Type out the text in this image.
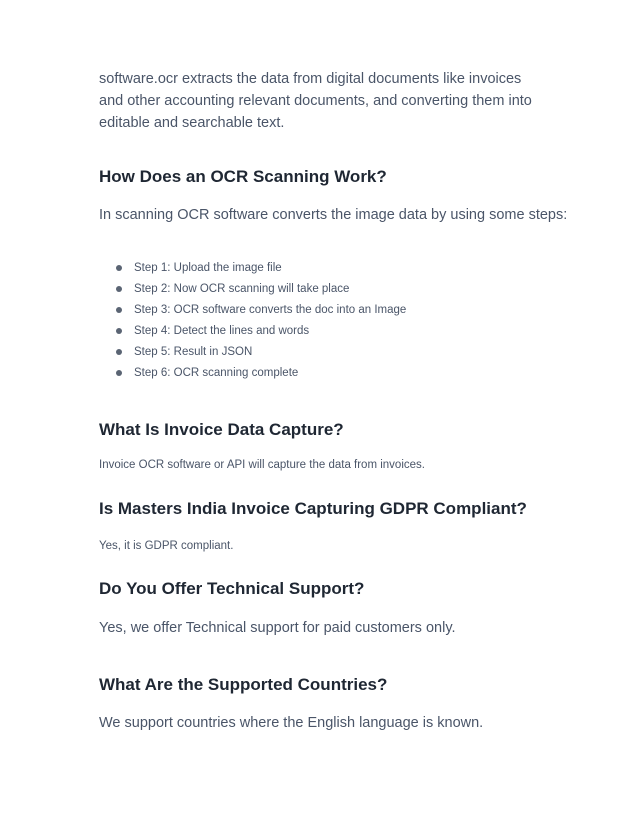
software.ocr extracts the data from digital documents like invoices and other accounting relevant documents, and converting them into editable and searchable text.

How Does an OCR Scanning Work?

In scanning OCR software converts the image data by using some steps:

Step 1: Upload the image file
Step 2: Now OCR scanning will take place
Step 3: OCR software converts the doc into an Image
Step 4: Detect the lines and words
Step 5: Result in JSON
Step 6: OCR scanning complete
What Is Invoice Data Capture?

Invoice OCR software or API will capture the data from invoices.

Is Masters India Invoice Capturing GDPR Compliant?

Yes, it is GDPR compliant.

Do You Offer Technical Support?

Yes, we offer Technical support for paid customers only.

What Are the Supported Countries?

We support countries where the English language is known.
